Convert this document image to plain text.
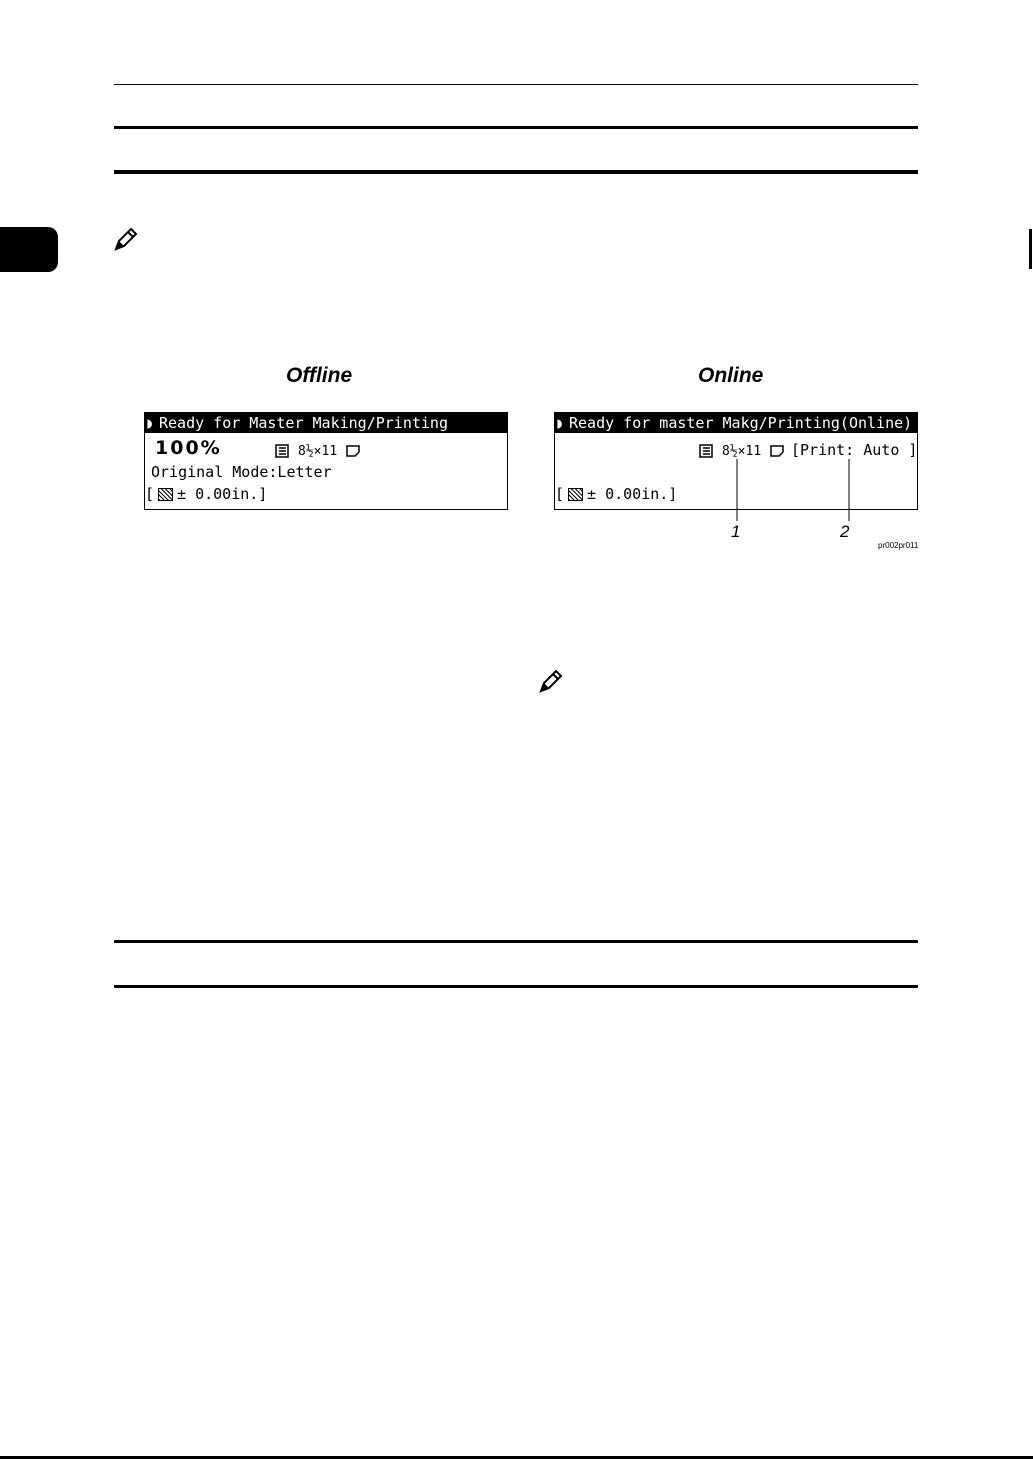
Offline	Online
◗ Ready for Master Making/Printing
100%	8½×11
Original Mode:Letter
[ ± 0.00in.]
◗ Ready for master Makg/Printing(Online)
8½×11	[Print: Auto ]
[ ± 0.00in.]
1	2
pr002pr011
